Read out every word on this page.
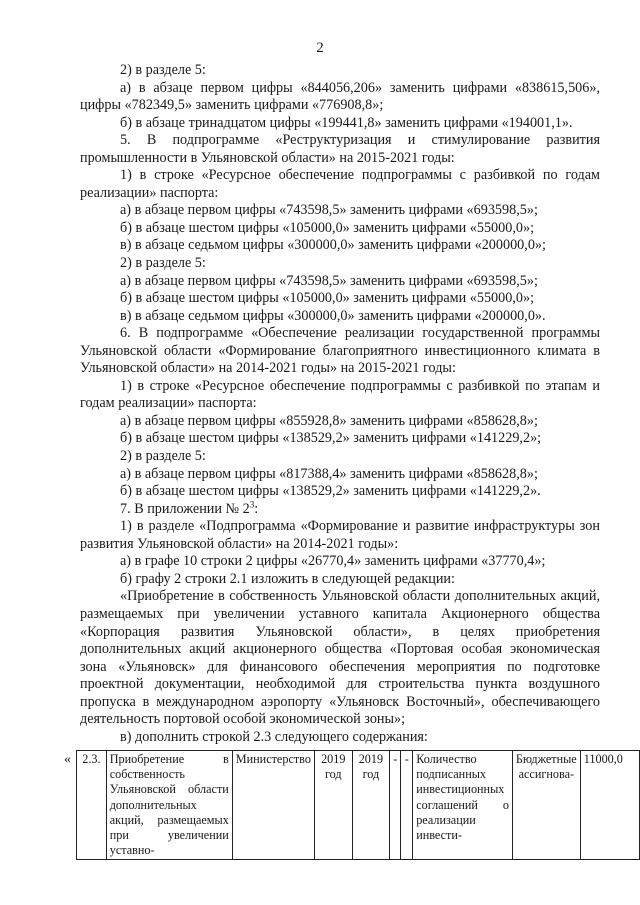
2

2) в разделе 5:

а) в абзаце первом цифры «844056,206» заменить цифрами «838615,506», цифры «782349,5» заменить цифрами «776908,8»;

б) в абзаце тринадцатом цифры «199441,8» заменить цифрами «194001,1».

5. В подпрограмме «Реструктуризация и стимулирование развития промышленности в Ульяновской области» на 2015-2021 годы:

1) в строке «Ресурсное обеспечение подпрограммы с разбивкой по годам реализации» паспорта:

а) в абзаце первом цифры «743598,5» заменить цифрами «693598,5»;

б) в абзаце шестом цифры «105000,0» заменить цифрами «55000,0»;

в) в абзаце седьмом цифры «300000,0» заменить цифрами «200000,0»;

2) в разделе 5:

а) в абзаце первом цифры «743598,5» заменить цифрами «693598,5»;

б) в абзаце шестом цифры «105000,0» заменить цифрами «55000,0»;

в) в абзаце седьмом цифры «300000,0» заменить цифрами «200000,0».

6. В подпрограмме «Обеспечение реализации государственной программы Ульяновской области «Формирование благоприятного инвестиционного климата в Ульяновской области» на 2014-2021 годы» на 2015-2021 годы:

1) в строке «Ресурсное обеспечение подпрограммы с разбивкой по этапам и годам реализации» паспорта:

а) в абзаце первом цифры «855928,8» заменить цифрами «858628,8»;

б) в абзаце шестом цифры «138529,2» заменить цифрами «141229,2»;

2) в разделе 5:

а) в абзаце первом цифры «817388,4» заменить цифрами «858628,8»;

б) в абзаце шестом цифры «138529,2» заменить цифрами «141229,2».

7. В приложении № $2^3$:

1) в разделе «Подпрограмма «Формирование и развитие инфраструктуры зон развития Ульяновской области» на 2014-2021 годы»:

а) в графе 10 строки 2 цифры «26770,4» заменить цифрами «37770,4»;

б) графу 2 строки 2.1 изложить в следующей редакции:

«Приобретение в собственность Ульяновской области дополнительных акций, размещаемых при увеличении уставного капитала Акционерного общества «Корпорация развития Ульяновской области», в целях приобретения дополнительных акций акционерного общества «Портовая особая экономическая зона «Ульяновск» для финансового обеспечения мероприятия по подготовке проектной документации, необходимой для строительства пункта воздушного пропуска в международном аэропорту «Ульяновск Восточный», обеспечивающего деятельность портовой особой экономической зоны»;

в) дополнить строкой 2.3 следующего содержания:

« 2.3.	Приобретение в собственность Ульяновской области дополнительных акций, размещаемых при увеличении уставно-	Министерство	2019 год	2019 год	-	-	Количество подписанных инвестиционных соглашений о реализации инвести-	Бюджетные ассигнова-	11000,0
